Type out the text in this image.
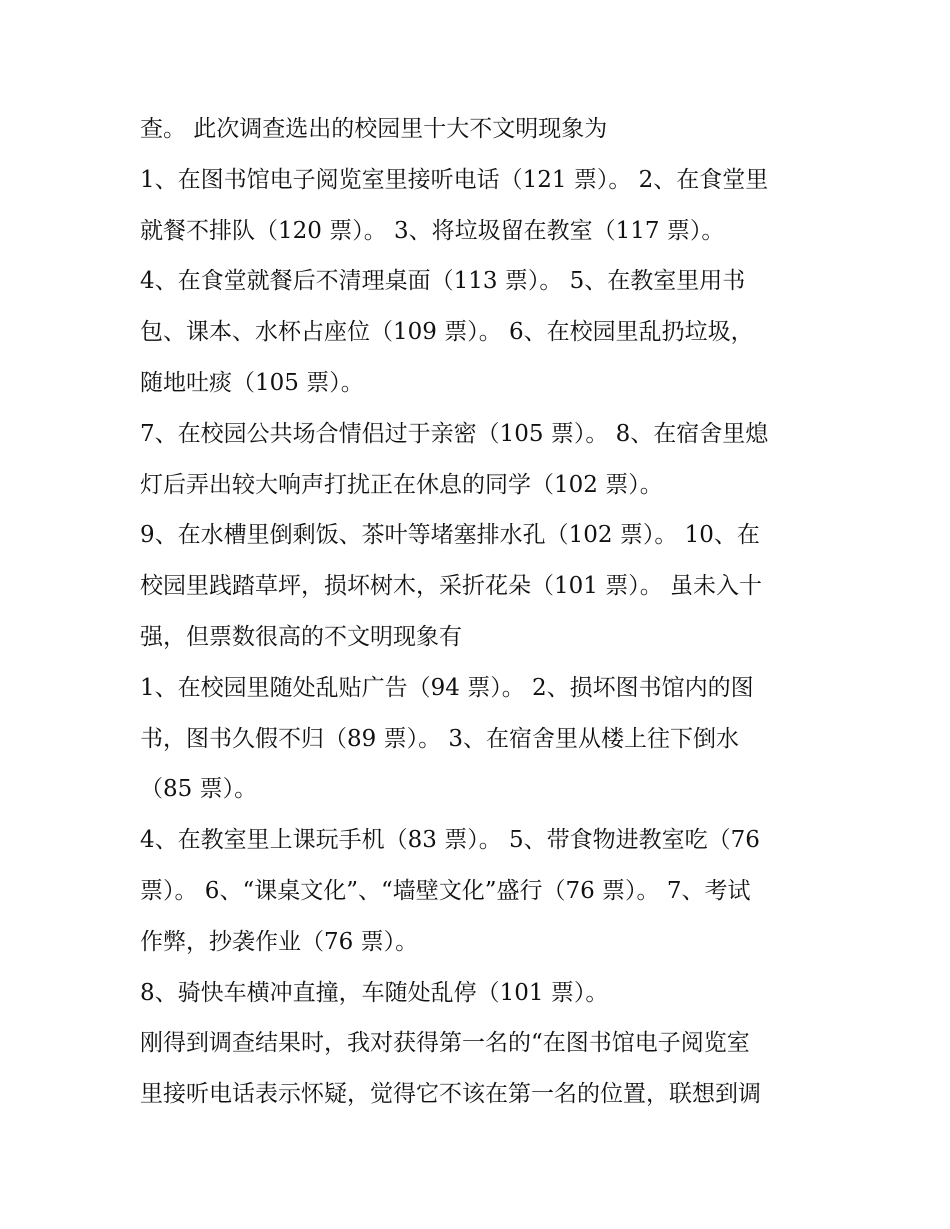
查。 此次调查选出的校园里十大不文明现象为
1、在图书馆电子阅览室里接听电话（121 票）。 2、在食堂里
就餐不排队（120 票）。 3、将垃圾留在教室（117 票）。
4、在食堂就餐后不清理桌面（113 票）。 5、在教室里用书
包、课本、水杯占座位（109 票）。 6、在校园里乱扔垃圾，
随地吐痰（105 票）。
7、在校园公共场合情侣过于亲密（105 票）。 8、在宿舍里熄
灯后弄出较大响声打扰正在休息的同学（102 票）。
9、在水槽里倒剩饭、茶叶等堵塞排水孔（102 票）。 10、在
校园里践踏草坪，损坏树木，采折花朵（101 票）。 虽未入十
强，但票数很高的不文明现象有
1、在校园里随处乱贴广告（94 票）。 2、损坏图书馆内的图
书，图书久假不归（89 票）。 3、在宿舍里从楼上往下倒水
（85 票）。
4、在教室里上课玩手机（83 票）。 5、带食物进教室吃（76
票）。 6、“课桌文化”、“墙壁文化”盛行（76 票）。 7、考试
作弊，抄袭作业（76 票）。
8、骑快车横冲直撞，车随处乱停（101 票）。
刚得到调查结果时，我对获得第一名的“在图书馆电子阅览室
里接听电话表示怀疑，觉得它不该在第一名的位置，联想到调
